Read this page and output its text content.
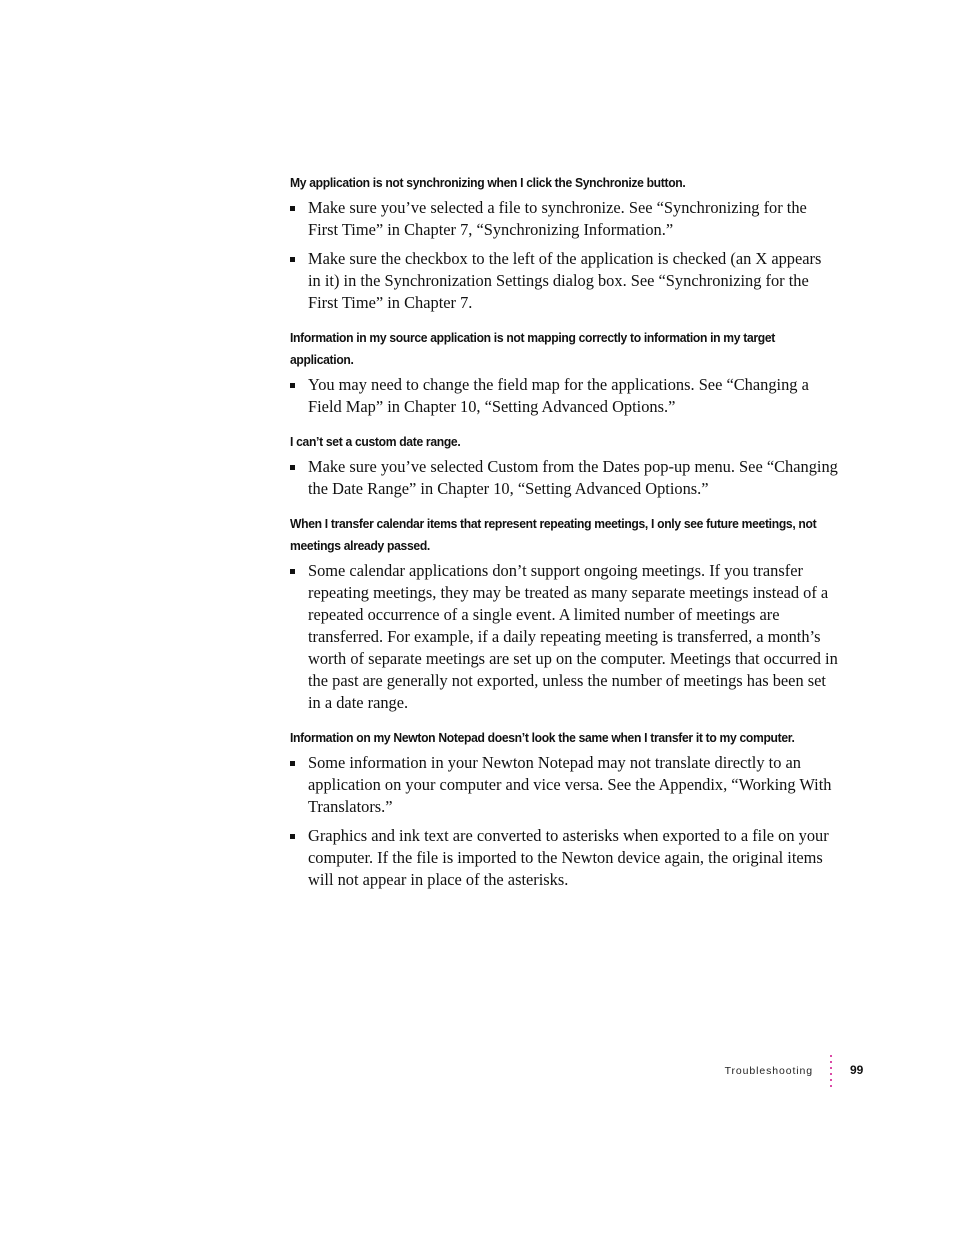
My application is not synchronizing when I click the Synchronize button.
Make sure you’ve selected a file to synchronize. See “Synchronizing for the First Time” in Chapter 7, “Synchronizing Information.”
Make sure the checkbox to the left of the application is checked (an X appears in it) in the Synchronization Settings dialog box. See “Synchronizing for the First Time” in Chapter 7.
Information in my source application is not mapping correctly to information in my target application.
You may need to change the field map for the applications. See “Changing a Field Map” in Chapter 10, “Setting Advanced Options.”
I can’t set a custom date range.
Make sure you’ve selected Custom from the Dates pop-up menu. See “Changing the Date Range” in Chapter 10, “Setting Advanced Options.”
When I transfer calendar items that represent repeating meetings, I only see future meetings, not meetings already passed.
Some calendar applications don’t support ongoing meetings. If you transfer repeating meetings, they may be treated as many separate meetings instead of a repeated occurrence of a single event. A limited number of meetings are transferred. For example, if a daily repeating meeting is transferred, a month’s worth of separate meetings are set up on the computer. Meetings that occurred in the past are generally not exported, unless the number of meetings has been set in a date range.
Information on my Newton Notepad doesn’t look the same when I transfer it to my computer.
Some information in your Newton Notepad may not translate directly to an application on your computer and vice versa. See the Appendix, “Working With Translators.”
Graphics and ink text are converted to asterisks when exported to a file on your computer. If the file is imported to the Newton device again, the original items will not appear in place of the asterisks.
Troubleshooting	99
